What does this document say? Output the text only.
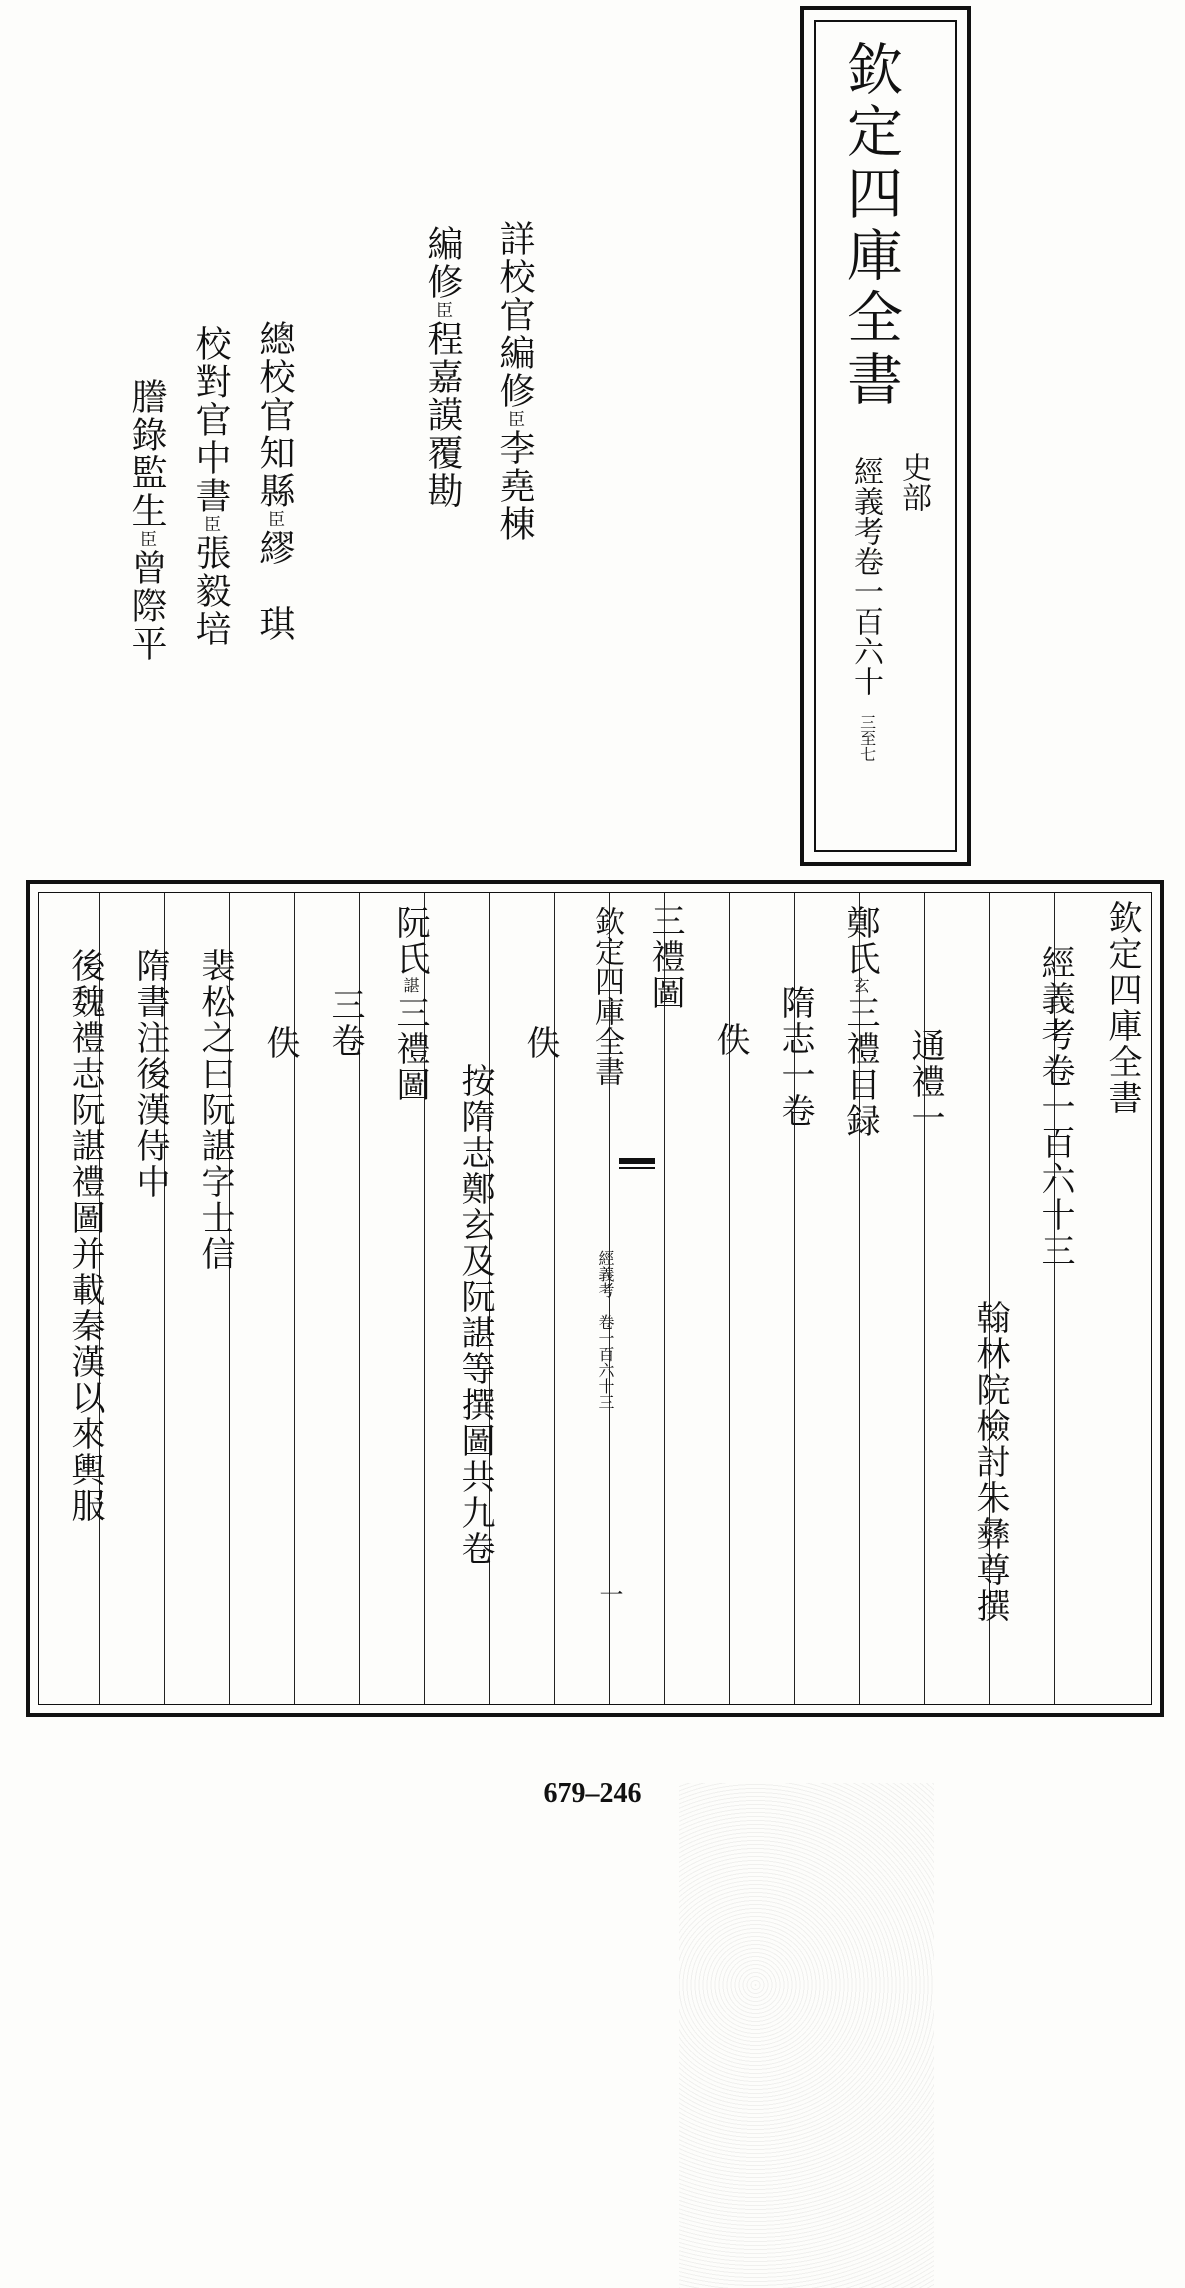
欽定四庫全書
史部
經義考卷一百六十
三至七
詳校官編修臣李堯棟
編修臣程嘉謨覆勘
總校官知縣臣繆　琪
校對官中書臣張毅培
謄錄監生臣曾際平
欽定四庫全書
經義考卷一百六十三
翰林院檢討朱彝尊撰
通禮一
鄭氏玄三禮目録
隋志一卷
佚
三禮圖
欽定四庫全書
經義考　卷一百六十三
一
佚
按隋志鄭玄及阮諶等撰圖共九卷
阮氏諶三禮圖
三卷
佚
裴松之曰阮諶字士信
隋書注後漢侍中
後魏禮志阮諶禮圖并載秦漢以來輿服
679–246
